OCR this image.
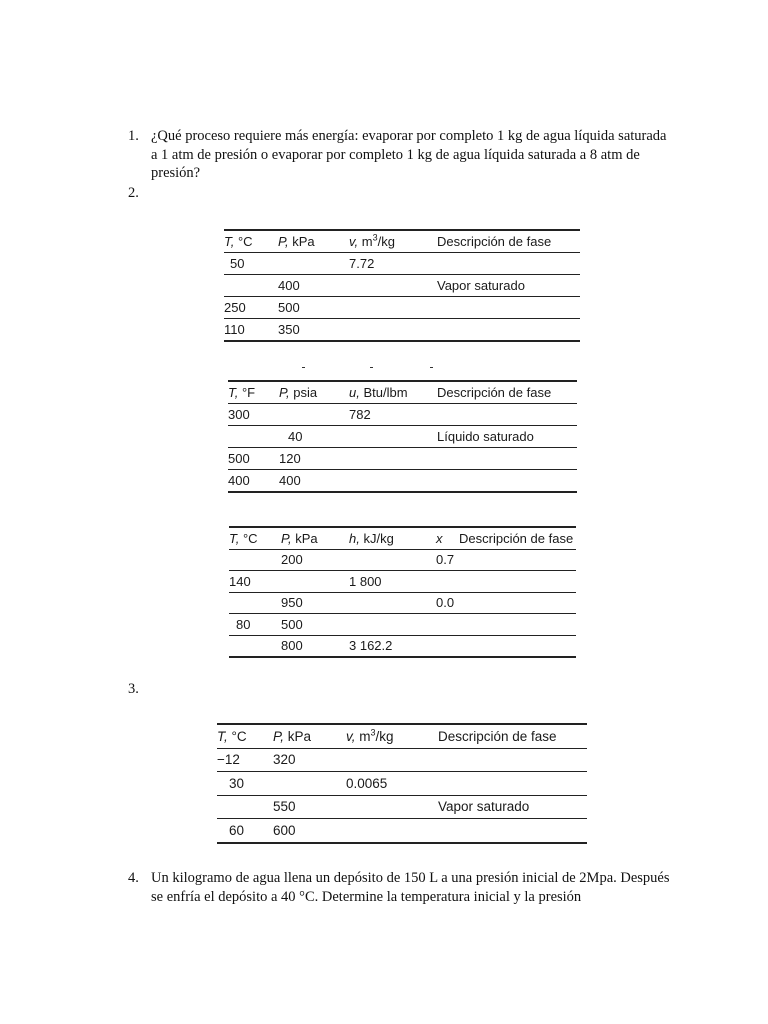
1. ¿Qué proceso requiere más energía: evaporar por completo 1 kg de agua líquida saturada a 1 atm de presión o evaporar por completo 1 kg de agua líquida saturada a 8 atm de presión?
2.
T, °C	P, kPa	v, $m^3/kg$	Descripción de fase
50		7.72	
	400		Vapor saturado
250	500		
110	350		
T, °F	P, psia	u, Btu/lbm	Descripción de fase
300		782	
	40		Líquido saturado
500	120		
400	400		
T, °C	P, kPa	h, kJ/kg	x	Descripción de fase
	200		0.7	
140		1 800		
	950		0.0	
80	500			
	800	3 162.2		
3.
T, °C	P, kPa	v, $m^3/kg$	Descripción de fase
−12	320		
30		0.0065	
	550		Vapor saturado
60	600		
4. Un kilogramo de agua llena un depósito de 150 L a una presión inicial de 2Mpa. Después se enfría el depósito a 40 °C. Determine la temperatura inicial y la presión
